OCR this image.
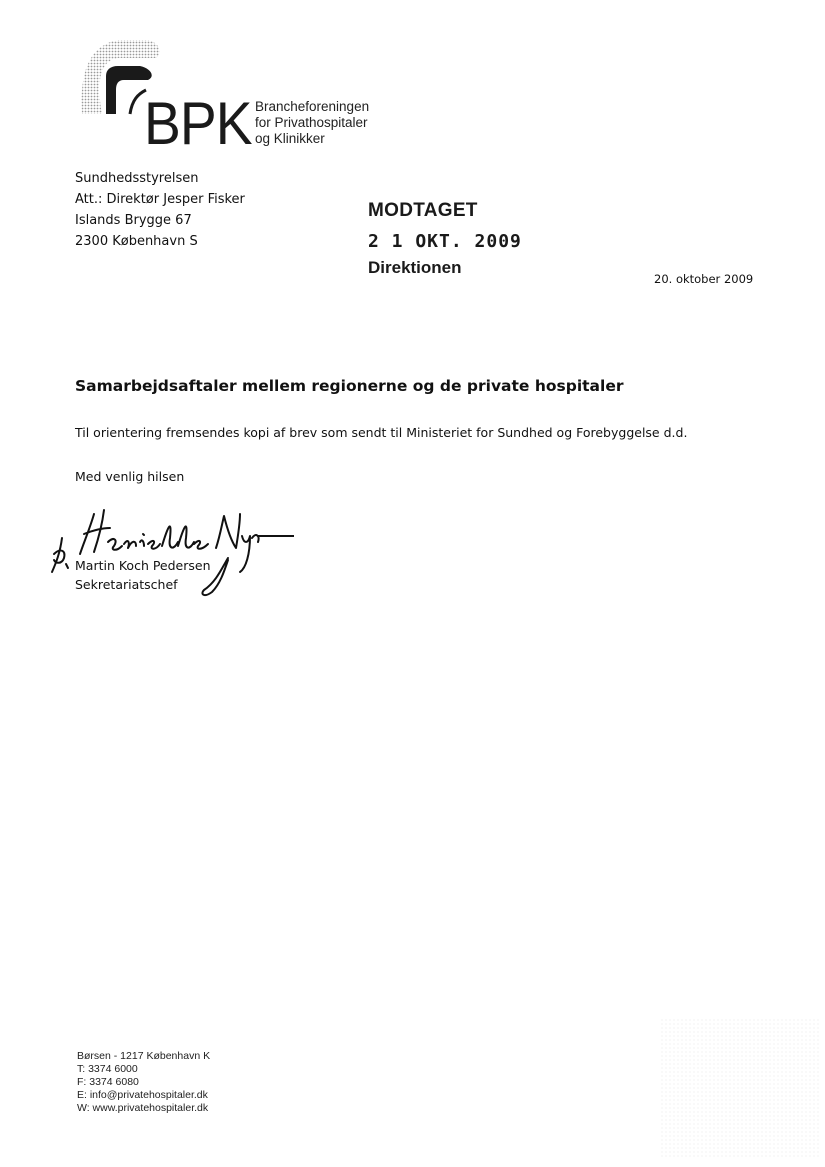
BPK Brancheforeningen
for Privathospitaler
og Klinikker
Sundhedsstyrelsen
Att.: Direktør Jesper Fisker
Islands Brygge 67
2300 København S
MODTAGET
2 1 OKT. 2009
Direktionen
20. oktober 2009
Samarbejdsaftaler mellem regionerne og de private hospitaler
Til orientering fremsendes kopi af brev som sendt til Ministeriet for Sundhed og Forebyggelse d.d.
Med venlig hilsen
Martin Koch Pedersen
Sekretariatschef
Børsen - 1217 København K
T: 3374 6000
F: 3374 6080
E: info@privatehospitaler.dk
W: www.privatehospitaler.dk
